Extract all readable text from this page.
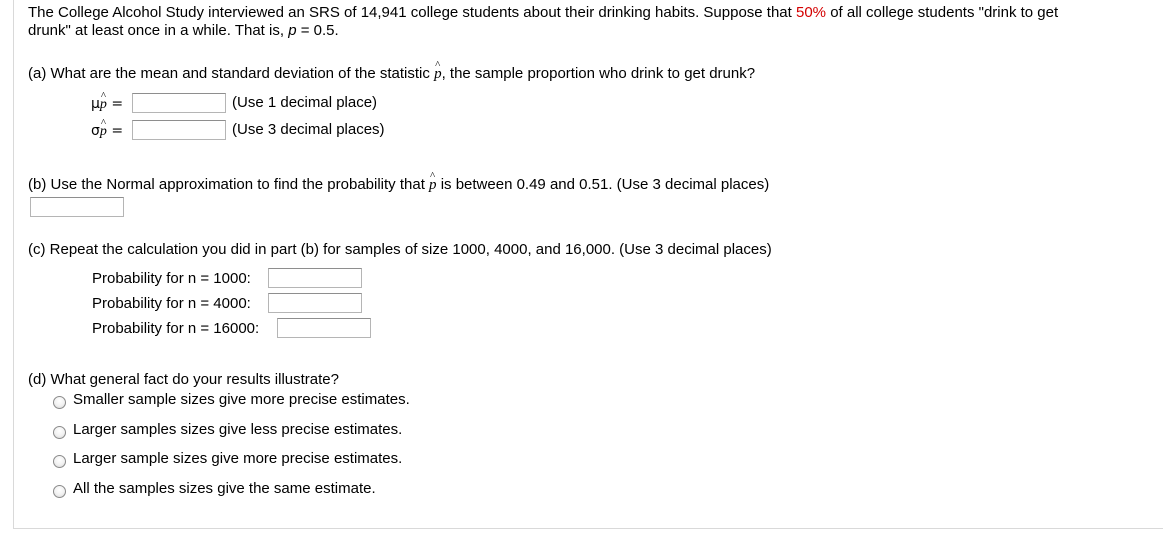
The College Alcohol Study interviewed an SRS of 14,941 college students about their drinking habits. Suppose that 50% of all college students "drink to get
drunk" at least once in a while. That is, p = 0.5.
(a) What are the mean and standard deviation of the statistic ^ p, the sample proportion who drink to get drunk?
μ^ p =	(Use 1 decimal place)
σ^ p =	(Use 3 decimal places)
(b) Use the Normal approximation to find the probability that ^ p is between 0.49 and 0.51. (Use 3 decimal places)
(c) Repeat the calculation you did in part (b) for samples of size 1000, 4000, and 16,000. (Use 3 decimal places)
Probability for n = 1000:
Probability for n = 4000:
Probability for n = 16000:
(d) What general fact do your results illustrate?
Smaller sample sizes give more precise estimates.
Larger samples sizes give less precise estimates.
Larger sample sizes give more precise estimates.
All the samples sizes give the same estimate.
